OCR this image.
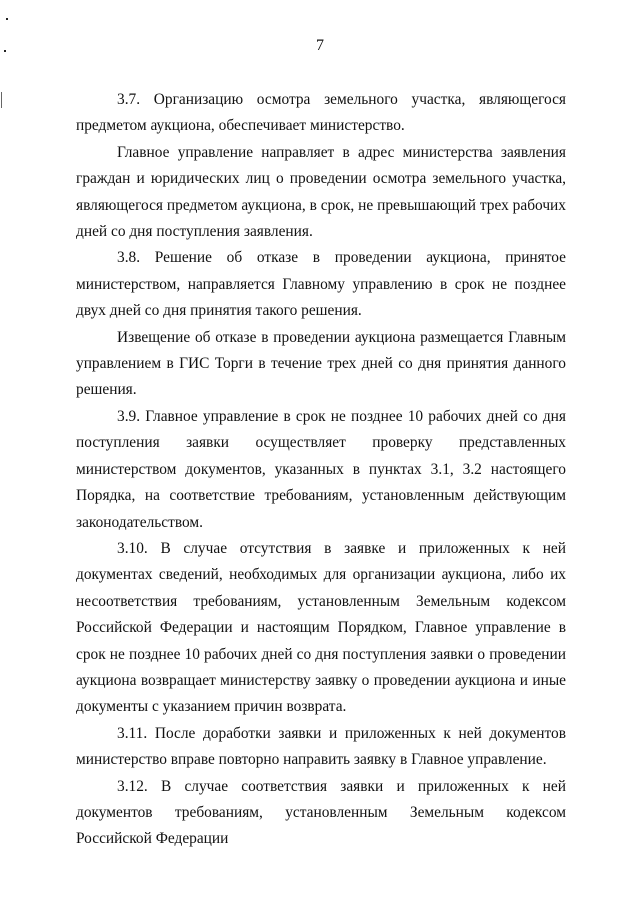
7

3.7. Организацию осмотра земельного участка, являющегося предметом аукциона, обеспечивает министерство.

Главное управление направляет в адрес министерства заявления граждан и юридических лиц о проведении осмотра земельного участка, являющегося предметом аукциона, в срок, не превышающий трех рабочих дней со дня поступления заявления.

3.8. Решение об отказе в проведении аукциона, принятое министерством, направляется Главному управлению в срок не позднее двух дней со дня принятия такого решения.

Извещение об отказе в проведении аукциона размещается Главным управлением в ГИС Торги в течение трех дней со дня принятия данного решения.

3.9. Главное управление в срок не позднее 10 рабочих дней со дня поступления заявки осуществляет проверку представленных министерством документов, указанных в пунктах 3.1, 3.2 настоящего Порядка, на соответствие требованиям, установленным действующим законодательством.

3.10. В случае отсутствия в заявке и приложенных к ней документах сведений, необходимых для организации аукциона, либо их несоответствия требованиям, установленным Земельным кодексом Российской Федерации и настоящим Порядком, Главное управление в срок не позднее 10 рабочих дней со дня поступления заявки о проведении аукциона возвращает министерству заявку о проведении аукциона и иные документы с указанием причин возврата.

3.11. После доработки заявки и приложенных к ней документов министерство вправе повторно направить заявку в Главное управление.

3.12. В случае соответствия заявки и приложенных к ней документов требованиям, установленным Земельным кодексом Российской Федерации
